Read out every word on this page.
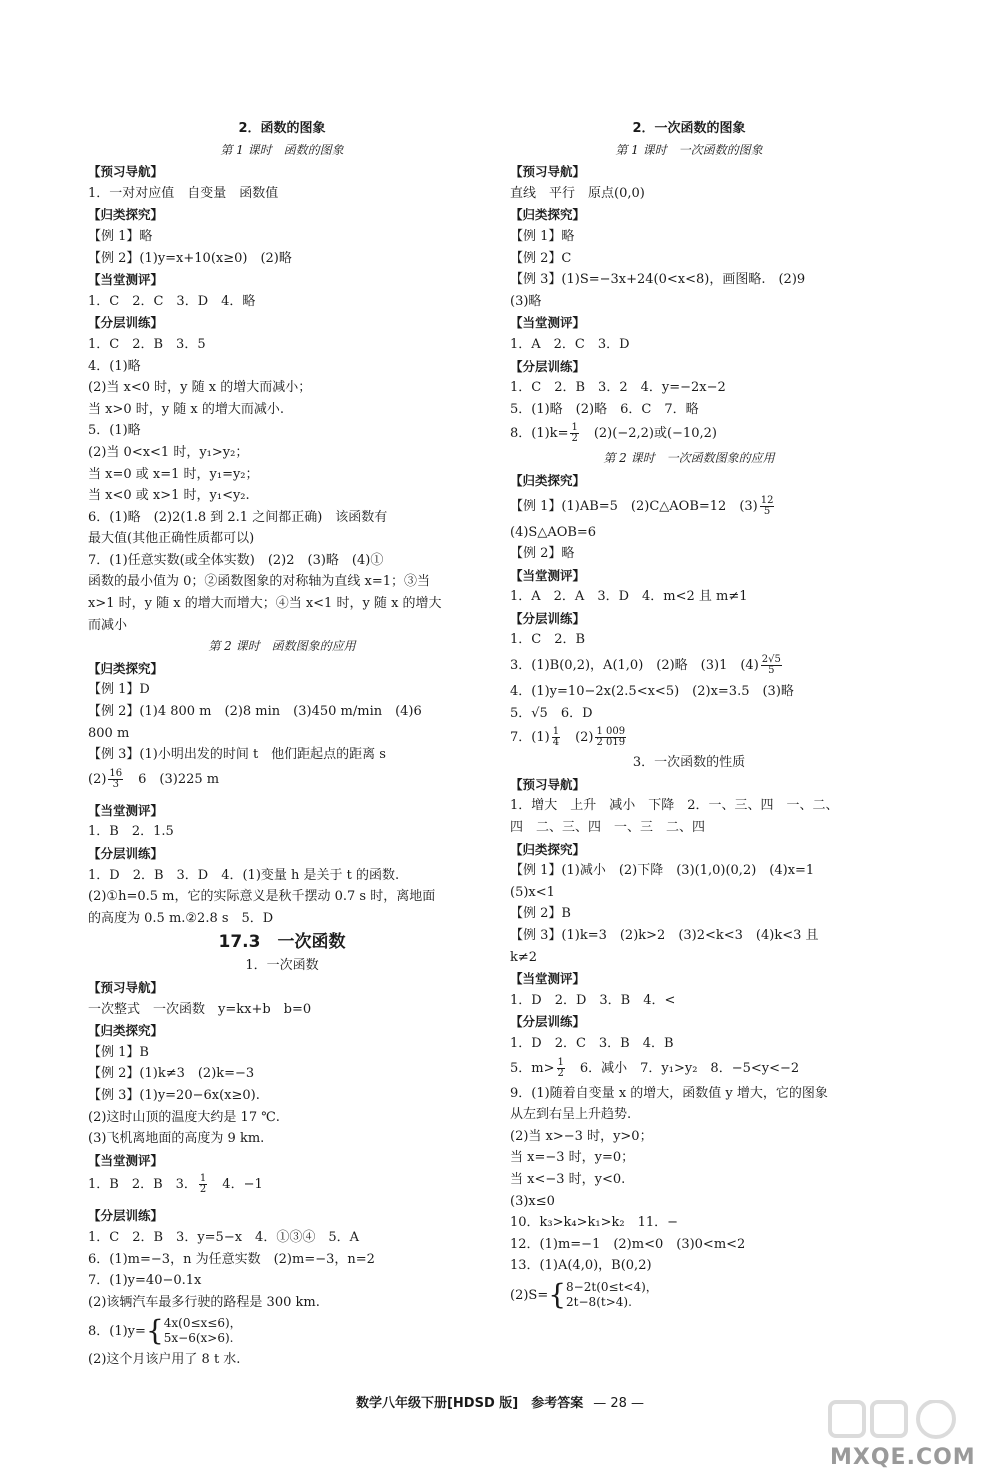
2．函数的图象
第 1 课时　函数的图象
【预习导航】
1．一对对应值　自变量　函数值
【归类探究】
【例 1】略
【例 2】(1)y=x+10(x≥0)　(2)略
【当堂测评】
1．C　2．C　3．D　4．略
【分层训练】
1．C　2．B　3．5
4．(1)略
(2)当 x<0 时，y 随 x 的增大而减小；
当 x>0 时，y 随 x 的增大而减小.
5．(1)略
(2)当 0<x<1 时，y₁>y₂；
当 x=0 或 x=1 时，y₁=y₂；
当 x<0 或 x>1 时，y₁<y₂.
6．(1)略　(2)2(1.8 到 2.1 之间都正确)　该函数有
最大值(其他正确性质都可以)
7．(1)任意实数(或全体实数)　(2)2　(3)略　(4)①
函数的最小值为 0；②函数图象的对称轴为直线 x=1；③当
x>1 时，y 随 x 的增大而增大；④当 x<1 时，y 随 x 的增大
而减小
第 2 课时　函数图象的应用
【归类探究】
【例 1】D
【例 2】(1)4 800 m　(2)8 min　(3)450 m/min　(4)6
800 m
【例 3】(1)小明出发的时间 t　他们距起点的距离 s
$(2) \frac{16}{3}$ 　6　(3)225 m
【当堂测评】
1．B　2．1.5
【分层训练】
1．D　2．B　3．D　4．(1)变量 h 是关于 t 的函数.
(2)①h=0.5 m，它的实际意义是秋千摆动 0.7 s 时，离地面
的高度为 0.5 m.②2.8 s　5．D
17.3　一次函数
1．一次函数
【预习导航】
一次整式　一次函数　y=kx+b　b=0
【归类探究】
【例 1】B
【例 2】(1)k≠3　(2)k=−3
【例 3】(1)y=20−6x(x≥0).
(2)这时山顶的温度大约是 17 ℃.
(3)飞机离地面的高度为 9 km.
【当堂测评】
1．B　2．B　3． $\frac{1}{2}$ 　4．−1
【分层训练】
1．C　2．B　3．y=5−x　4．①③④　5．A
6．(1)m=−3，n 为任意实数　(2)m=−3，n=2
7．(1)y=40−0.1x
(2)该辆汽车最多行驶的路程是 300 km.
8．(1)y={ 4x(0≤x≤6)，
5x−6(x>6).
(2)这个月该户用了 8 t 水.
2．一次函数的图象
第 1 课时　一次函数的图象
【预习导航】
直线　平行　原点(0,0)
【归类探究】
【例 1】略
【例 2】C
【例 3】(1)S=−3x+24(0<x<8)，画图略.　(2)9
(3)略
【当堂测评】
1．A　2．C　3．D
【分层训练】
1．C　2．B　3．2　4．y=−2x−2
5．(1)略　(2)略　6．C　7．略
8．$(1)k= \frac{1}{2}$ 　(2)(−2,2)或(−10,2)
第 2 课时　一次函数图象的应用
【归类探究】
【例 1】(1)AB=5　(2)C△AOB=12　$(3) \frac{12}{5}$
(4)S△AOB=6
【例 2】略
【当堂测评】
1．A　2．A　3．D　4．m<2 且 m≠1
【分层训练】
1．C　2．B
3．(1)B(0,2)，A(1,0)　(2)略　(3)1　$(4) \frac{2√5}{5}$
4．(1)y=10−2x(2.5<x<5)　(2)x=3.5　(3)略
5．√5　6．D
7．$(1) \frac{1}{4}$ 　$(2) \frac{1 009}{2 019}$
3．一次函数的性质
【预习导航】
1．增大　上升　减小　下降　2．一、三、四　一、二、
四　二、三、四　一、三　二、四
【归类探究】
【例 1】(1)减小　(2)下降　(3)(1,0)(0,2)　(4)x=1
(5)x<1
【例 2】B
【例 3】(1)k=3　(2)k>2　(3)2<k<3　(4)k<3 且
k≠2
【当堂测评】
1．D　2．D　3．B　4．<
【分层训练】
1．D　2．C　3．B　4．B
5．$m> \frac{1}{2}$ 　6．减小　7．y₁>y₂　8．−5<y<−2
9．(1)随着自变量 x 的增大，函数值 y 增大，它的图象
从左到右呈上升趋势.
(2)当 x>−3 时，y>0；
当 x=−3 时，y=0；
当 x<−3 时，y<0.
(3)x≤0
10．k₃>k₄>k₁>k₂　11．−
12．(1)m=−1　(2)m<0　(3)0<m<2
13．(1)A(4,0)，B(0,2)
(2)S={ 8−2t(0≤t<4)，
2t−8(t>4).
数学八年级下册[HDSD 版]　参考答案 — 28 —
MXQE.COM
